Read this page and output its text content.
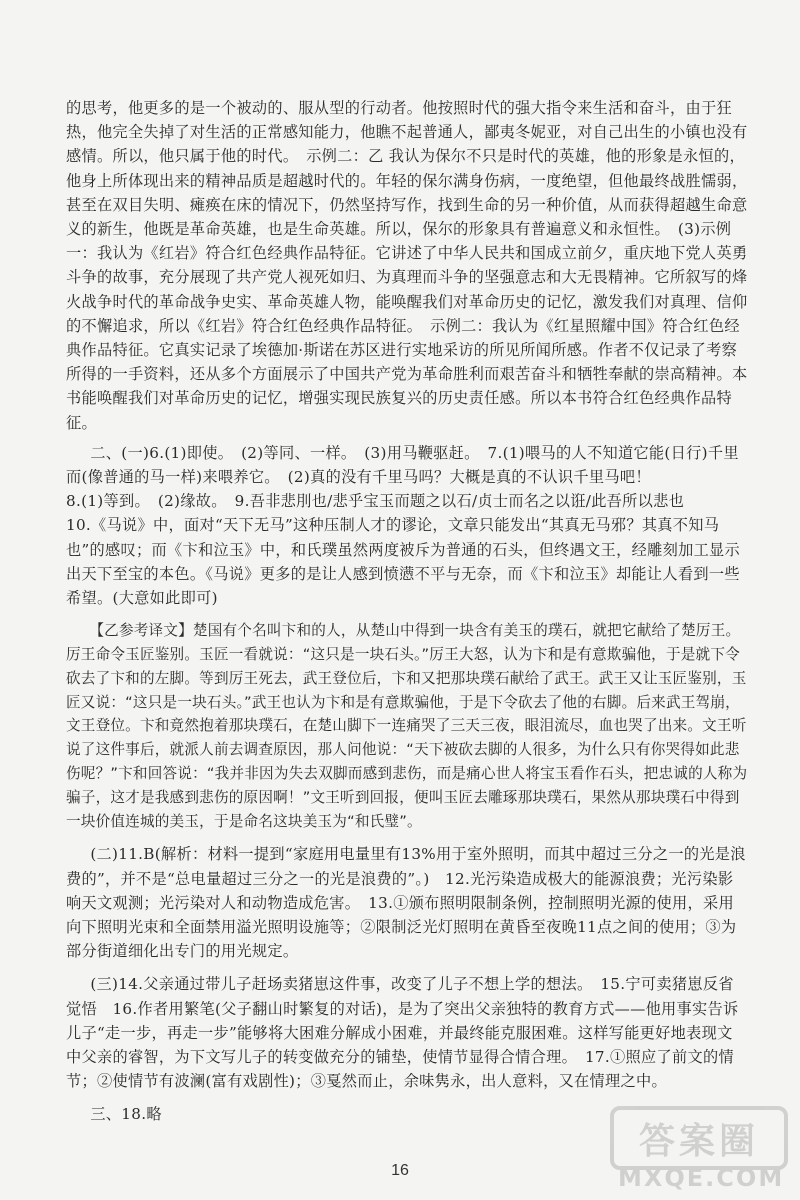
的思考，他更多的是一个被动的、服从型的行动者。他按照时代的强大指令来生活和奋斗，由于狂热，他完全失掉了对生活的正常感知能力，他瞧不起普通人，鄙夷冬妮亚，对自己出生的小镇也没有感情。所以，他只属于他的时代。　示例二：乙 我认为保尔不只是时代的英雄，他的形象是永恒的，他身上所体现出来的精神品质是超越时代的。年轻的保尔满身伤病，一度绝望，但他最终战胜懦弱，甚至在双目失明、瘫痪在床的情况下，仍然坚持写作，找到生命的另一种价值，从而获得超越生命意义的新生，他既是革命英雄，也是生命英雄。所以，保尔的形象具有普遍意义和永恒性。　(3)示例一：我认为《红岩》符合红色经典作品特征。它讲述了中华人民共和国成立前夕，重庆地下党人英勇斗争的故事，充分展现了共产党人视死如归、为真理而斗争的坚强意志和大无畏精神。它所叙写的烽火战争时代的革命战争史实、革命英雄人物，能唤醒我们对革命历史的记忆，激发我们对真理、信仰的不懈追求，所以《红岩》符合红色经典作品特征。　示例二：我认为《红星照耀中国》符合红色经典作品特征。它真实记录了埃德加·斯诺在苏区进行实地采访的所见所闻所感。作者不仅记录了考察所得的一手资料，还从多个方面展示了中国共产党为革命胜利而艰苦奋斗和牺牲奉献的崇高精神。本书能唤醒我们对革命历史的记忆，增强实现民族复兴的历史责任感。所以本书符合红色经典作品特征。

二、(一)6.(1)即使。　(2)等同、一样。　(3)用马鞭驱赶。　7.(1)喂马的人不知道它能(日行)千里而(像普通的马一样)来喂养它。　(2)真的没有千里马吗？大概是真的不认识千里马吧！

8.(1)等到。　(2)缘故。　9.吾非悲刖也/悲乎宝玉而题之以石/贞士而名之以诳/此吾所以悲也

10.《马说》中，面对“天下无马”这种压制人才的谬论，文章只能发出“其真无马邪？其真不知马也”的感叹；而《卞和泣玉》中，和氏璞虽然两度被斥为普通的石头，但终遇文王，经雕刻加工显示出天下至宝的本色。《马说》更多的是让人感到愤懑不平与无奈，而《卞和泣玉》却能让人看到一些希望。(大意如此即可)

【乙参考译文】楚国有个名叫卞和的人，从楚山中得到一块含有美玉的璞石，就把它献给了楚厉王。厉王命令玉匠鉴别。玉匠一看就说：“这只是一块石头。”厉王大怒，认为卞和是有意欺骗他，于是就下令砍去了卞和的左脚。等到厉王死去，武王登位后，卞和又把那块璞石献给了武王。武王又让玉匠鉴别，玉匠又说：“这只是一块石头。”武王也认为卞和是有意欺骗他，于是下令砍去了他的右脚。后来武王驾崩，文王登位。卞和竟然抱着那块璞石，在楚山脚下一连痛哭了三天三夜，眼泪流尽，血也哭了出来。文王听说了这件事后，就派人前去调查原因，那人问他说：“天下被砍去脚的人很多，为什么只有你哭得如此悲伤呢？”卞和回答说：“我并非因为失去双脚而感到悲伤，而是痛心世人将宝玉看作石头，把忠诚的人称为骗子，这才是我感到悲伤的原因啊！”文王听到回报，便叫玉匠去雕琢那块璞石，果然从那块璞石中得到一块价值连城的美玉，于是命名这块美玉为“和氏璧”。

(二)11.B(解析：材料一提到“家庭用电量里有13%用于室外照明，而其中超过三分之一的光是浪费的”，并不是“总电量超过三分之一的光是浪费的”。)　12.光污染造成极大的能源浪费；光污染影响天文观测；光污染对人和动物造成危害。　13.①颁布照明限制条例，控制照明光源的使用，采用向下照明光束和全面禁用溢光照明设施等；②限制泛光灯照明在黄昏至夜晚11点之间的使用；③为部分街道细化出专门的用光规定。

(三)14.父亲通过带儿子赶场卖猪崽这件事，改变了儿子不想上学的想法。　15.宁可卖猪崽反省觉悟　16.作者用繁笔(父子翻山时繁复的对话)，是为了突出父亲独特的教育方式——他用事实告诉儿子“走一步，再走一步”能够将大困难分解成小困难，并最终能克服困难。这样写能更好地表现文中父亲的睿智，为下文写儿子的转变做充分的铺垫，使情节显得合情合理。　17.①照应了前文的情节；②使情节有波澜(富有戏剧性)；③戛然而止，余味隽永，出人意料，又在情理之中。

三、18.略

答案圈
MXQE.COM
16
